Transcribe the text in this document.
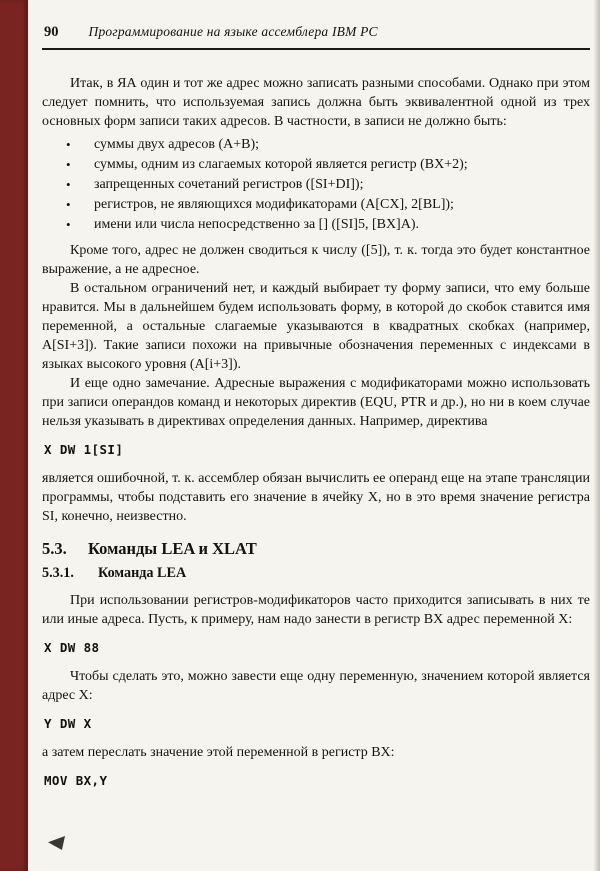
90 Программирование на языке ассемблера IBM PC

Итак, в ЯА один и тот же адрес можно записать разными способами. Однако при этом следует помнить, что используемая запись должна быть эквивалентной одной из трех основных форм записи таких адресов. В частности, в записи не должно быть:

• суммы двух адресов (A+B);
• суммы, одним из слагаемых которой является регистр (BX+2);
• запрещенных сочетаний регистров ([SI+DI]);
• регистров, не являющихся модификаторами (A[CX], 2[BL]);
• имени или числа непосредственно за [] ([SI]5, [BX]A).

Кроме того, адрес не должен сводиться к числу ([5]), т. к. тогда это будет константное выражение, а не адресное.

В остальном ограничений нет, и каждый выбирает ту форму записи, что ему больше нравится. Мы в дальнейшем будем использовать форму, в которой до скобок ставится имя переменной, а остальные слагаемые указываются в квадратных скобках (например, A[SI+3]). Такие записи похожи на привычные обозначения переменных с индексами в языках высокого уровня (A[i+3]).

И еще одно замечание. Адресные выражения с модификаторами можно использовать при записи операндов команд и некоторых директив (EQU, PTR и др.), но ни в коем случае нельзя указывать в директивах определения данных. Например, директива

X DW 1[SI]

является ошибочной, т. к. ассемблер обязан вычислить ее операнд еще на этапе трансляции программы, чтобы подставить его значение в ячейку X, но в это время значение регистра SI, конечно, неизвестно.

5.3. Команды LEA и XLAT
5.3.1. Команда LEA

При использовании регистров-модификаторов часто приходится записывать в них те или иные адреса. Пусть, к примеру, нам надо занести в регистр BX адрес переменной X:

X DW 88

Чтобы сделать это, можно завести еще одну переменную, значением которой является адрес X:

Y DW X

а затем переслать значение этой переменной в регистр BX:

MOV BX,Y
